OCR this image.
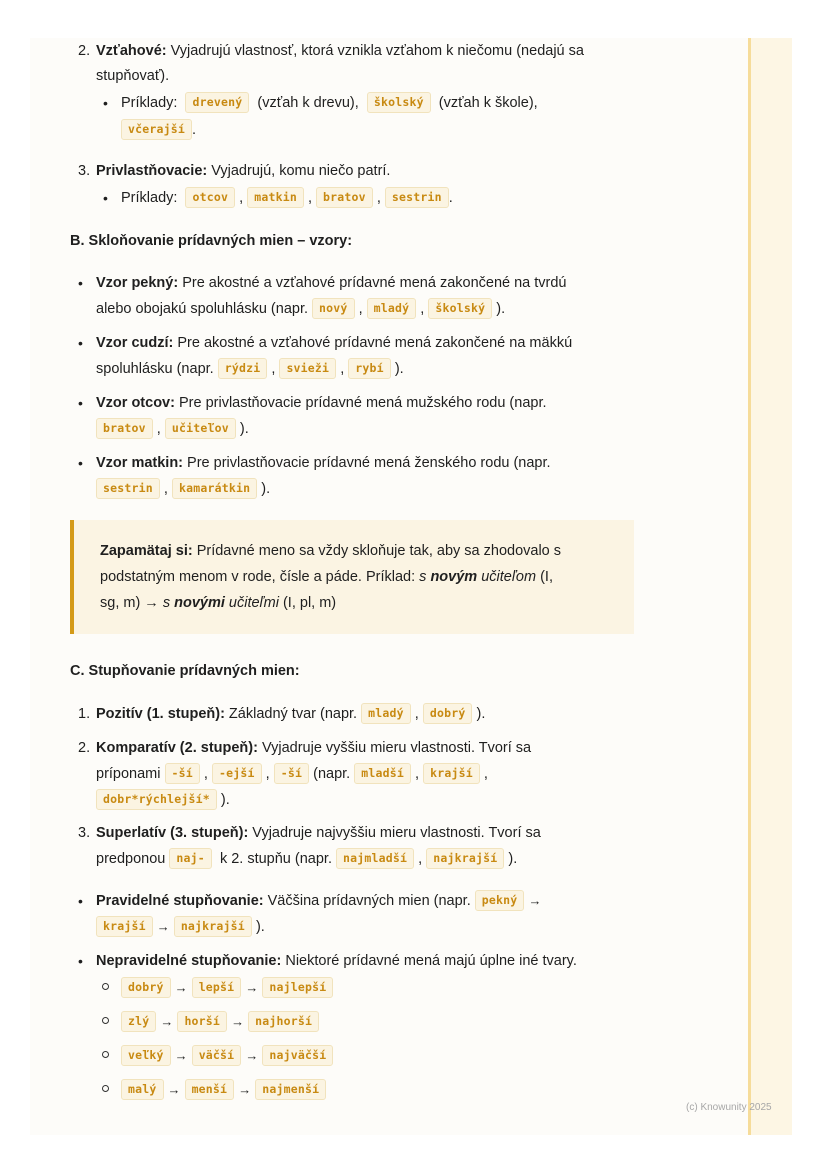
2. Vzťahové: Vyjadrujú vlastnosť, ktorá vznikla vzťahom k niečomu (nedajú sa
stupňovať).
• Príklady: drevený (vzťah k drevu), školský (vzťah k škole),
včerajší .
3. Privlastňovacie: Vyjadrujú, komu niečo patrí.
• Príklady: otcov , matkin , bratov , sestrin .
B. Skloňovanie prídavných mien – vzory:
• Vzor pekný: Pre akostné a vzťahové prídavné mená zakončené na tvrdú
alebo obojakú spoluhlásku (napr. nový , mladý , školský ).
• Vzor cudzí: Pre akostné a vzťahové prídavné mená zakončené na mäkkú
spoluhlásku (napr. rýdzi , svieži , rybí ).
• Vzor otcov: Pre privlastňovacie prídavné mená mužského rodu (napr.
bratov , učiteľov ).
• Vzor matkin: Pre privlastňovacie prídavné mená ženského rodu (napr.
sestrin , kamarátkin ).
Zapamätaj si: Prídavné meno sa vždy skloňuje tak, aby sa zhodovalo s
podstatným menom v rode, čísle a páde. Príklad: s novým učiteľom (I,
sg, m) → s novými učiteľmi (I, pl, m)
C. Stupňovanie prídavných mien:
1. Pozitív (1. stupeň): Základný tvar (napr. mladý , dobrý ).
2. Komparatív (2. stupeň): Vyjadruje vyššiu mieru vlastnosti. Tvorí sa
príponami -ší , -ejší , -ší (napr. mladší , krajší ,
dobr*rýchlejší* ).
3. Superlatív (3. stupeň): Vyjadruje najvyššiu mieru vlastnosti. Tvorí sa
predponou naj- k 2. stupňu (napr. najmladší , najkrajší ).
• Pravidelné stupňovanie: Väčšina prídavných mien (napr. pekný →
krajší → najkrajší ).
• Nepravidelné stupňovanie: Niektoré prídavné mená majú úplne iné tvary.
dobrý → lepší → najlepší
zlý → horší → najhorší
veľký → väčší → najväčší
malý → menší → najmenší
(c) Knowunity 2025
